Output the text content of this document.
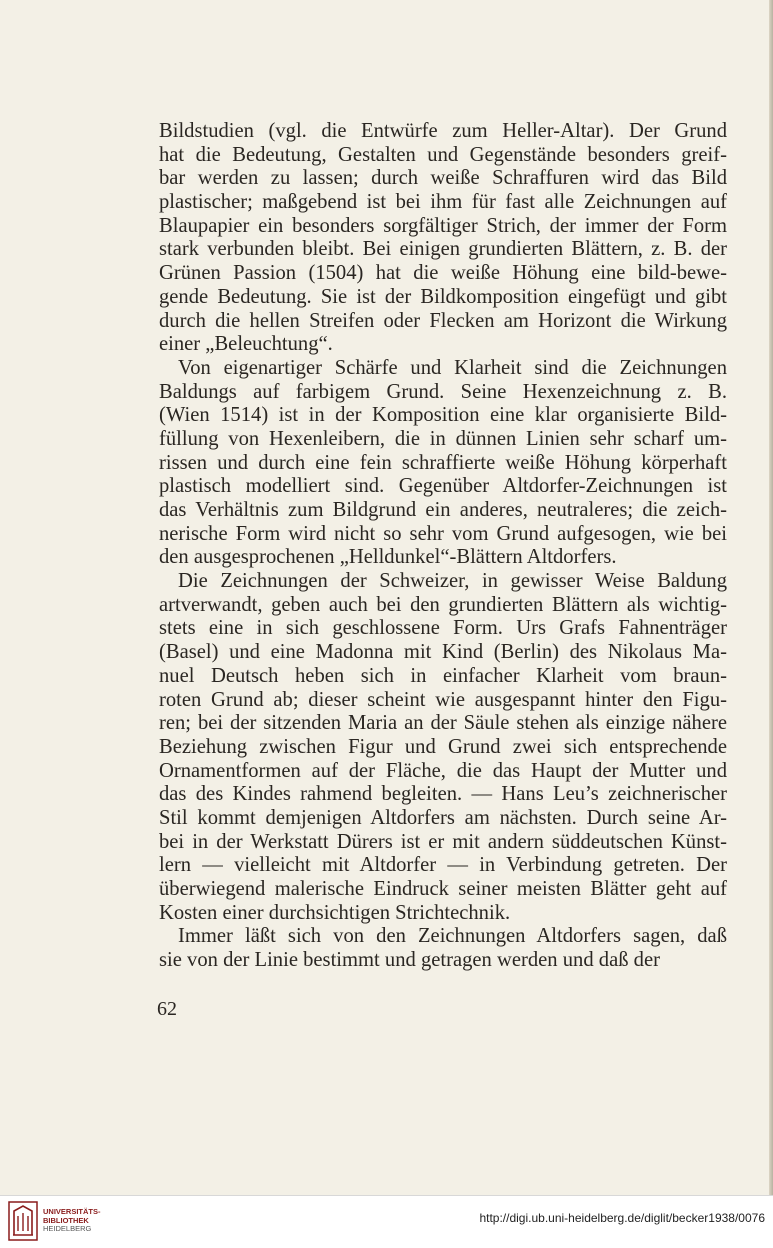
Bildstudien (vgl. die Entwürfe zum Heller-Altar). Der Grund
hat die Bedeutung, Gestalten und Gegenstände besonders greif-
bar werden zu lassen; durch weiße Schraffuren wird das Bild
plastischer; maßgebend ist bei ihm für fast alle Zeichnungen auf
Blaupapier ein besonders sorgfältiger Strich, der immer der Form
stark verbunden bleibt. Bei einigen grundierten Blättern, z. B. der
Grünen Passion (1504) hat die weiße Höhung eine bild-bewe-
gende Bedeutung. Sie ist der Bildkomposition eingefügt und gibt
durch die hellen Streifen oder Flecken am Horizont die Wirkung
einer „Beleuchtung“.
Von eigenartiger Schärfe und Klarheit sind die Zeichnungen
Baldungs auf farbigem Grund. Seine Hexenzeichnung z. B.
(Wien 1514) ist in der Komposition eine klar organisierte Bild-
füllung von Hexenleibern, die in dünnen Linien sehr scharf um-
rissen und durch eine fein schraffierte weiße Höhung körperhaft
plastisch modelliert sind. Gegenüber Altdorfer-Zeichnungen ist
das Verhältnis zum Bildgrund ein anderes, neutraleres; die zeich-
nerische Form wird nicht so sehr vom Grund aufgesogen, wie bei
den ausgesprochenen „Helldunkel“-Blättern Altdorfers.
Die Zeichnungen der Schweizer, in gewisser Weise Baldung
artverwandt, geben auch bei den grundierten Blättern als wichtig-
stets eine in sich geschlossene Form. Urs Grafs Fahnenträger
(Basel) und eine Madonna mit Kind (Berlin) des Nikolaus Ma-
nuel Deutsch heben sich in einfacher Klarheit vom braun-
roten Grund ab; dieser scheint wie ausgespannt hinter den Figu-
ren; bei der sitzenden Maria an der Säule stehen als einzige nähere
Beziehung zwischen Figur und Grund zwei sich entsprechende
Ornamentformen auf der Fläche, die das Haupt der Mutter und
das des Kindes rahmend begleiten. — Hans Leu’s zeichnerischer
Stil kommt demjenigen Altdorfers am nächsten. Durch seine Ar-
bei in der Werkstatt Dürers ist er mit andern süddeutschen Künst-
lern — vielleicht mit Altdorfer — in Verbindung getreten. Der
überwiegend malerische Eindruck seiner meisten Blätter geht auf
Kosten einer durchsichtigen Strichtechnik.
Immer läßt sich von den Zeichnungen Altdorfers sagen, daß
sie von der Linie bestimmt und getragen werden und daß der
62
UNIVERSITÄTS-
BIBLIOTHEK
HEIDELBERG
http://digi.ub.uni-heidelberg.de/diglit/becker1938/0076
